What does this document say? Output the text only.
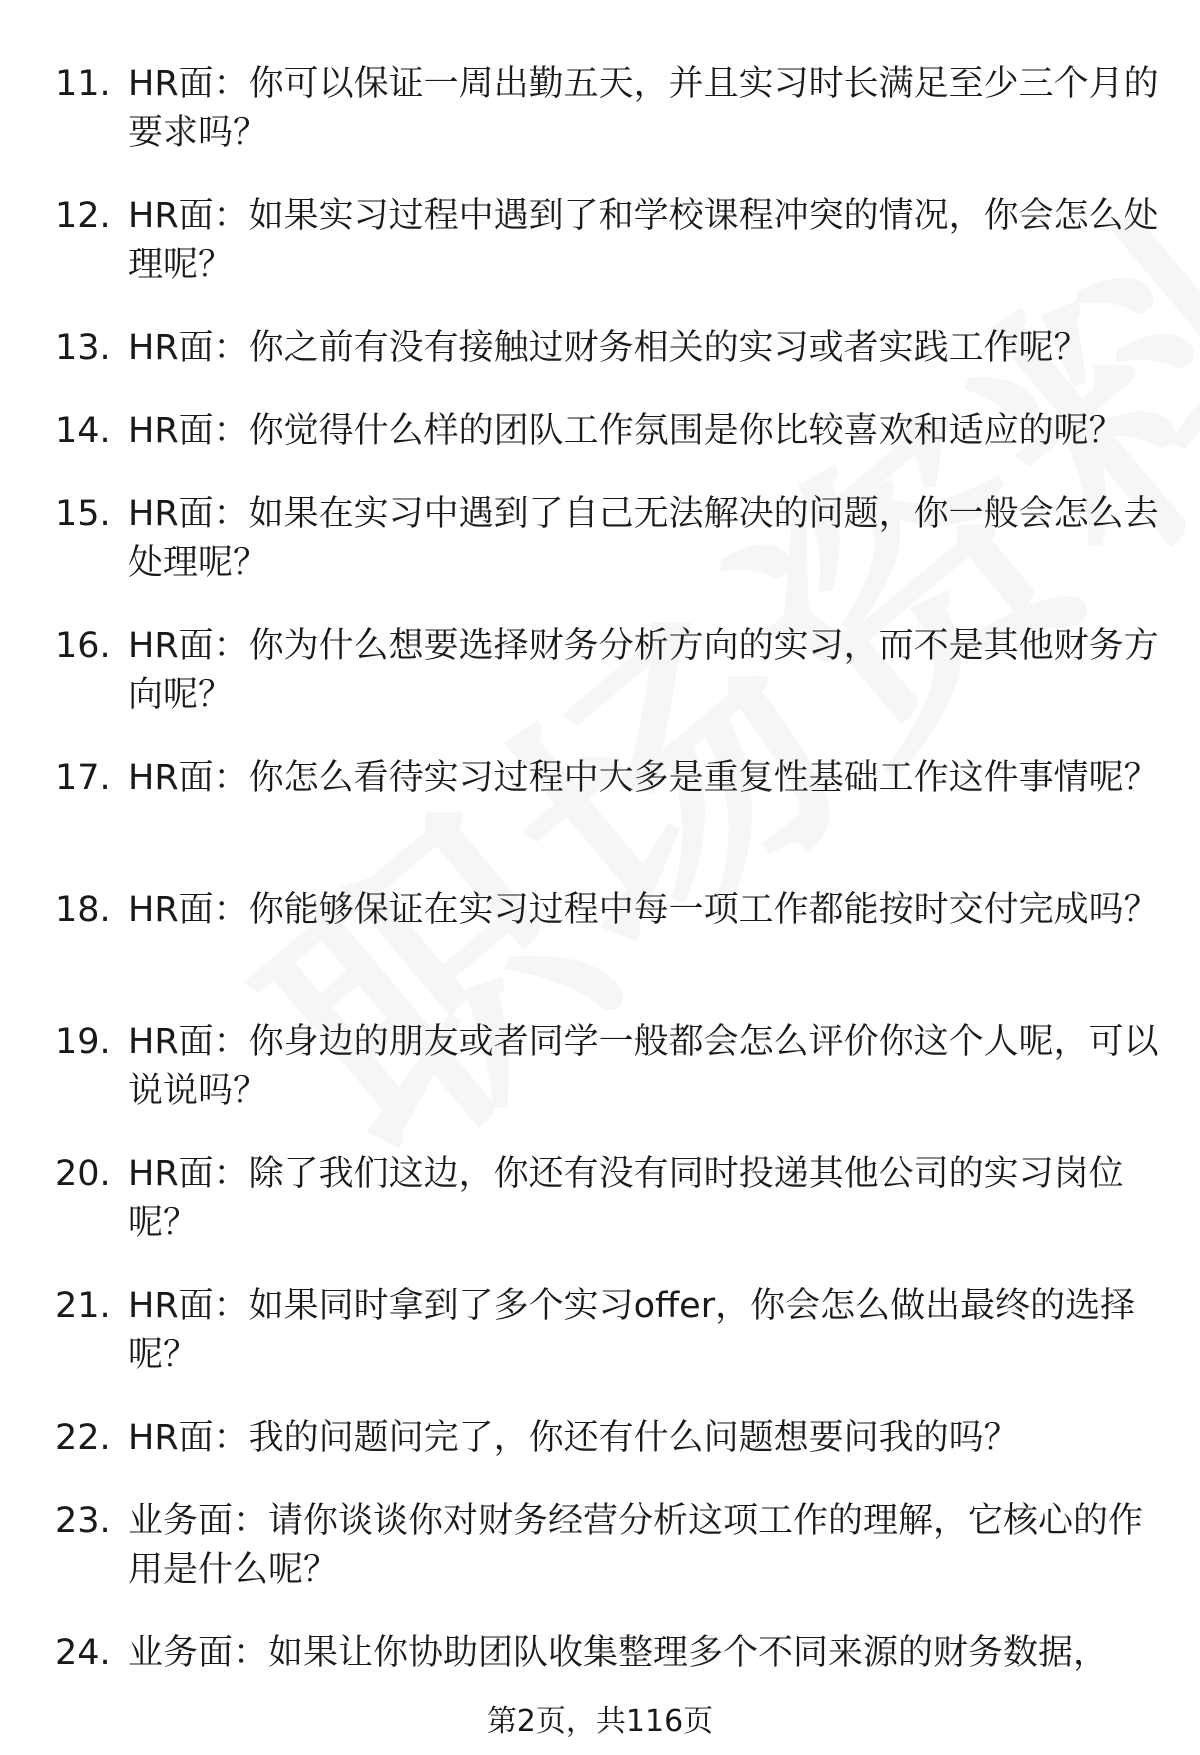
11. HR面：你可以保证一周出勤五天，并且实习时长满足至少三个月的要求吗？
12. HR面：如果实习过程中遇到了和学校课程冲突的情况，你会怎么处理呢？
13. HR面：你之前有没有接触过财务相关的实习或者实践工作呢？
14. HR面：你觉得什么样的团队工作氛围是你比较喜欢和适应的呢？
15. HR面：如果在实习中遇到了自己无法解决的问题，你一般会怎么去处理呢？
16. HR面：你为什么想要选择财务分析方向的实习，而不是其他财务方向呢？
17. HR面：你怎么看待实习过程中大多是重复性基础工作这件事情呢？
18. HR面：你能够保证在实习过程中每一项工作都能按时交付完成吗？
19. HR面：你身边的朋友或者同学一般都会怎么评价你这个人呢，可以说说吗？
20. HR面：除了我们这边，你还有没有同时投递其他公司的实习岗位呢？
21. HR面：如果同时拿到了多个实习offer，你会怎么做出最终的选择呢？
22. HR面：我的问题问完了，你还有什么问题想要问我的吗？
23. 业务面：请你谈谈你对财务经营分析这项工作的理解，它核心的作用是什么呢？
24. 业务面：如果让你协助团队收集整理多个不同来源的财务数据，
第2页，共116页
